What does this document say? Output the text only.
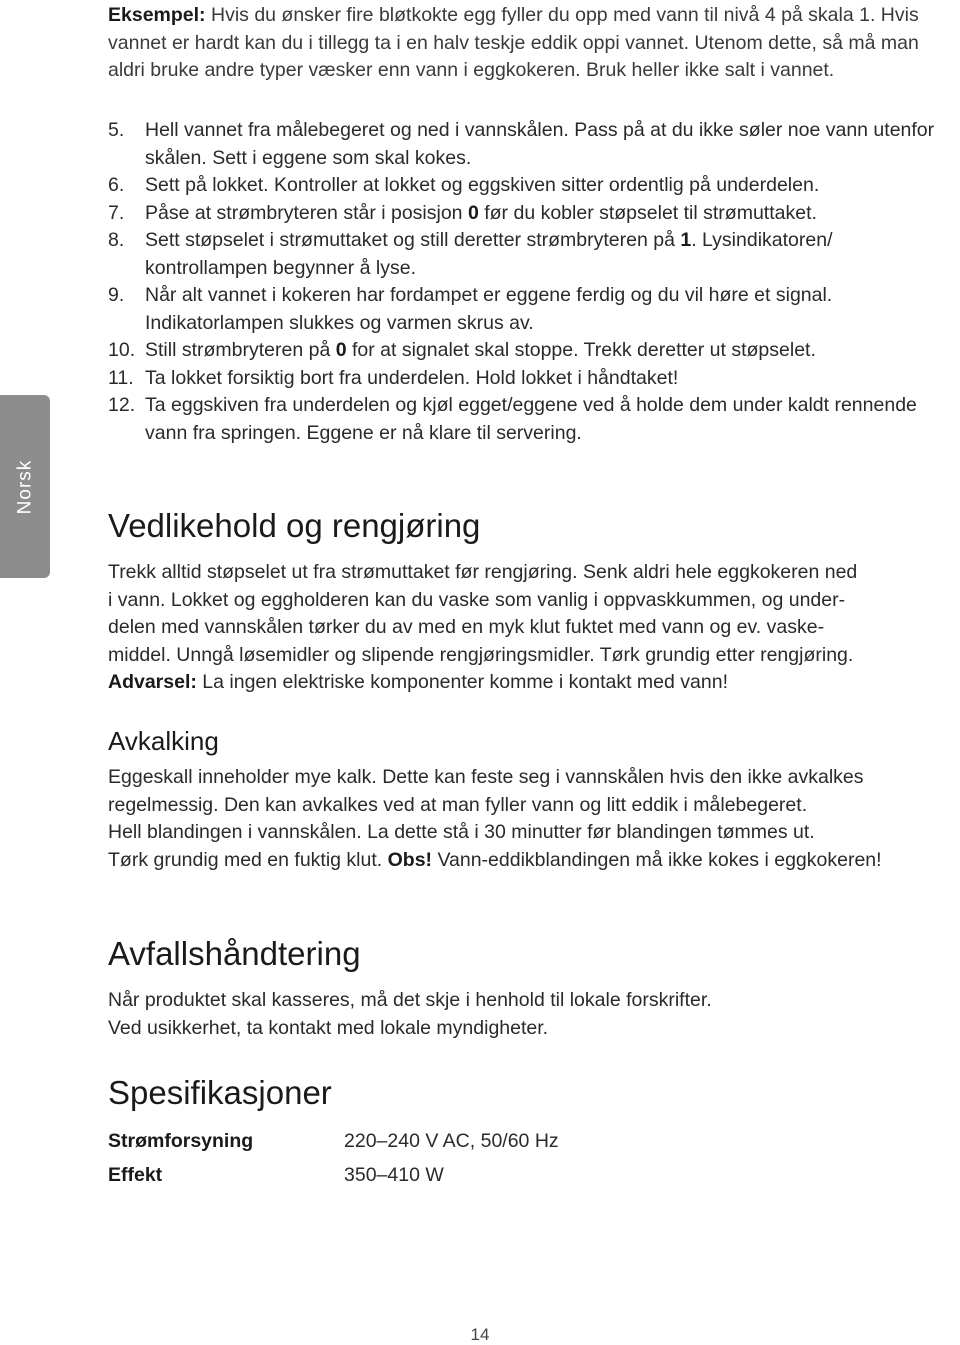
Norsk

Eksempel: Hvis du ønsker fire bløtkokte egg fyller du opp med vann til nivå 4 på skala 1. Hvis vannet er hardt kan du i tillegg ta i en halv teskje eddik oppi vannet. Utenom dette, så må man aldri bruke andre typer væsker enn vann i eggkokeren. Bruk heller ikke salt i vannet.

5.	Hell vannet fra målebegeret og ned i vannskålen. Pass på at du ikke søler noe vann utenfor skålen. Sett i eggene som skal kokes.
6.	Sett på lokket. Kontroller at lokket og eggskiven sitter ordentlig på underdelen.
7.	Påse at strømbryteren står i posisjon 0 før du kobler støpselet til strømuttaket.
8.	Sett støpselet i strømuttaket og still deretter strømbryteren på 1. Lysindikatoren/ kontrollampen begynner å lyse.
9.	Når alt vannet i kokeren har fordampet er eggene ferdig og du vil høre et signal. Indikatorlampen slukkes og varmen skrus av.
10. Still strømbryteren på 0 for at signalet skal stoppe. Trekk deretter ut støpselet.
11. Ta lokket forsiktig bort fra underdelen. Hold lokket i håndtaket!
12. Ta eggskiven fra underdelen og kjøl egget/eggene ved å holde dem under kaldt rennende vann fra springen. Eggene er nå klare til servering.
Vedlikehold og rengjøring

Trekk alltid støpselet ut fra strømuttaket før rengjøring. Senk aldri hele eggkokeren ned

i vann. Lokket og eggholderen kan du vaske som vanlig i oppvaskkummen, og under-

delen med vannskålen tørker du av med en myk klut fuktet med vann og ev. vaske-

middel. Unngå løsemidler og slipende rengjøringsmidler. Tørk grundig etter rengjøring.

Advarsel: La ingen elektriske komponenter komme i kontakt med vann!

Avkalking

Eggeskall inneholder mye kalk. Dette kan feste seg i vannskålen hvis den ikke avkalkes

regelmessig. Den kan avkalkes ved at man fyller vann og litt eddik i målebegeret.

Hell blandingen i vannskålen. La dette stå i 30 minutter før blandingen tømmes ut.

Tørk grundig med en fuktig klut. Obs! Vann-eddikblandingen må ikke kokes i eggkokeren!

Avfallshåndtering

Når produktet skal kasseres, må det skje i henhold til lokale forskrifter.

Ved usikkerhet, ta kontakt med lokale myndigheter.

Spesifikasjoner
Strømforsyning	220–240 V AC, 50/60 Hz
Effekt	350–410 W
14
